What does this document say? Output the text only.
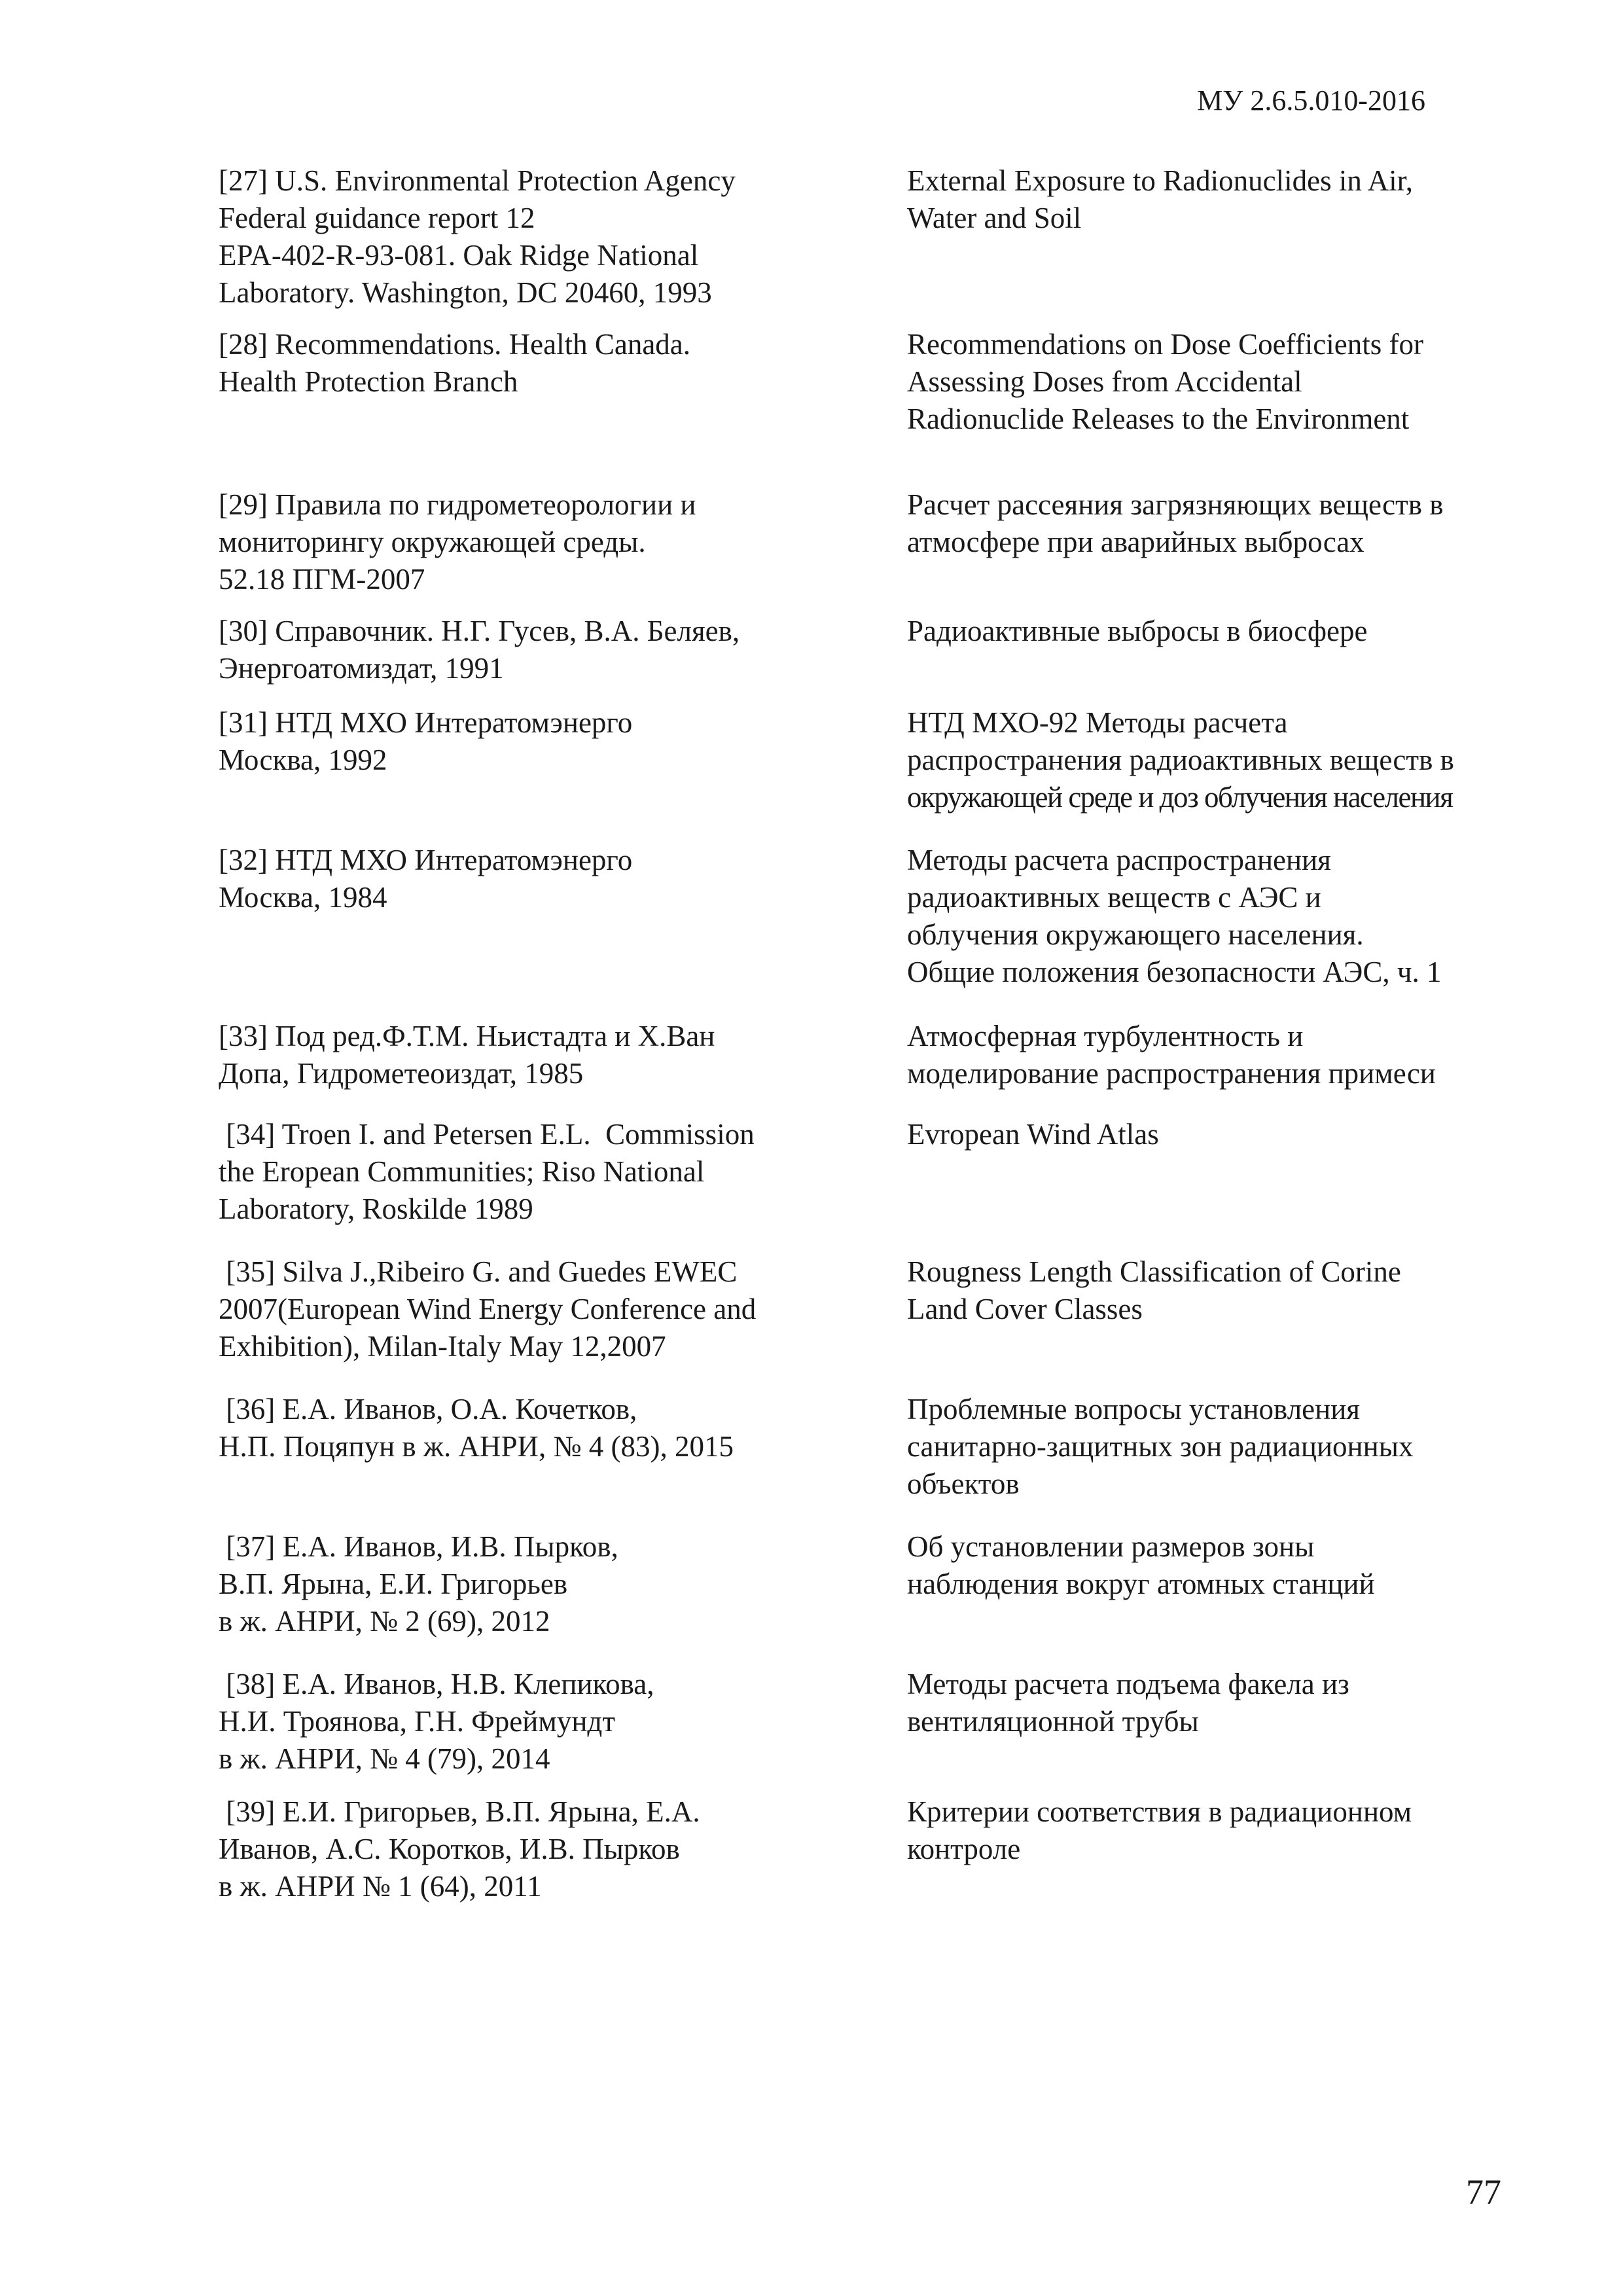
МУ 2.6.5.010-2016
[27] U.S. Environmental Protection Agency
Federal guidance report 12
EPA-402-R-93-081. Oak Ridge National
Laboratory. Washington, DC 20460, 1993
External Exposure to Radionuclides in Air,
Water and Soil
[28] Recommendations. Health Canada.
Health Protection Branch
Recommendations on Dose Coefficients for
Assessing Doses from Accidental
Radionuclide Releases to the Environment
[29] Правила по гидрометеорологии и
мониторингу окружающей среды.
52.18 ПГМ-2007
Расчет рассеяния загрязняющих веществ в
атмосфере при аварийных выбросах
[30] Справочник. Н.Г. Гусев, В.А. Беляев,
Энергоатомиздат, 1991
Радиоактивные выбросы в биосфере
[31] НТД МХО Интератомэнерго
Москва, 1992
НТД МХО-92 Методы расчета
распространения радиоактивных веществ в
окружающей среде и доз облучения населения
[32] НТД МХО Интератомэнерго
Москва, 1984
Методы расчета распространения
радиоактивных веществ с АЭС и
облучения окружающего населения.
Общие положения безопасности АЭС, ч. 1
[33] Под ред.Ф.Т.М. Ньистадта и Х.Ван
Допа, Гидрометеоиздат, 1985
Атмосферная турбулентность и
моделирование распространения примеси
[34] Troen I. and Petersen E.L.  Commission
the Eropean Communities; Riso National
Laboratory, Roskilde 1989
Evropean Wind Atlas
[35] Silva J.,Ribeiro G. and Guedes EWEC
2007(European Wind Energy Conference and
Exhibition), Milan-Italy May 12,2007
Rougness Length Classification of Corine
Land Cover Classes
[36] Е.А. Иванов, О.А. Кочетков,
Н.П. Поцяпун в ж. АНРИ, № 4 (83), 2015
Проблемные вопросы установления
санитарно-защитных зон радиационных
объектов
[37] Е.А. Иванов, И.В. Пырков,
В.П. Ярына, Е.И. Григорьев
в ж. АНРИ, № 2 (69), 2012
Об установлении размеров зоны
наблюдения вокруг атомных станций
[38] Е.А. Иванов, Н.В. Клепикова,
Н.И. Троянова, Г.Н. Фреймундт
в ж. АНРИ, № 4 (79), 2014
Методы расчета подъема факела из
вентиляционной трубы
[39] Е.И. Григорьев, В.П. Ярына, Е.А.
Иванов, А.С. Коротков, И.В. Пырков
в ж. АНРИ № 1 (64), 2011
Критерии соответствия в радиационном
контроле
77
